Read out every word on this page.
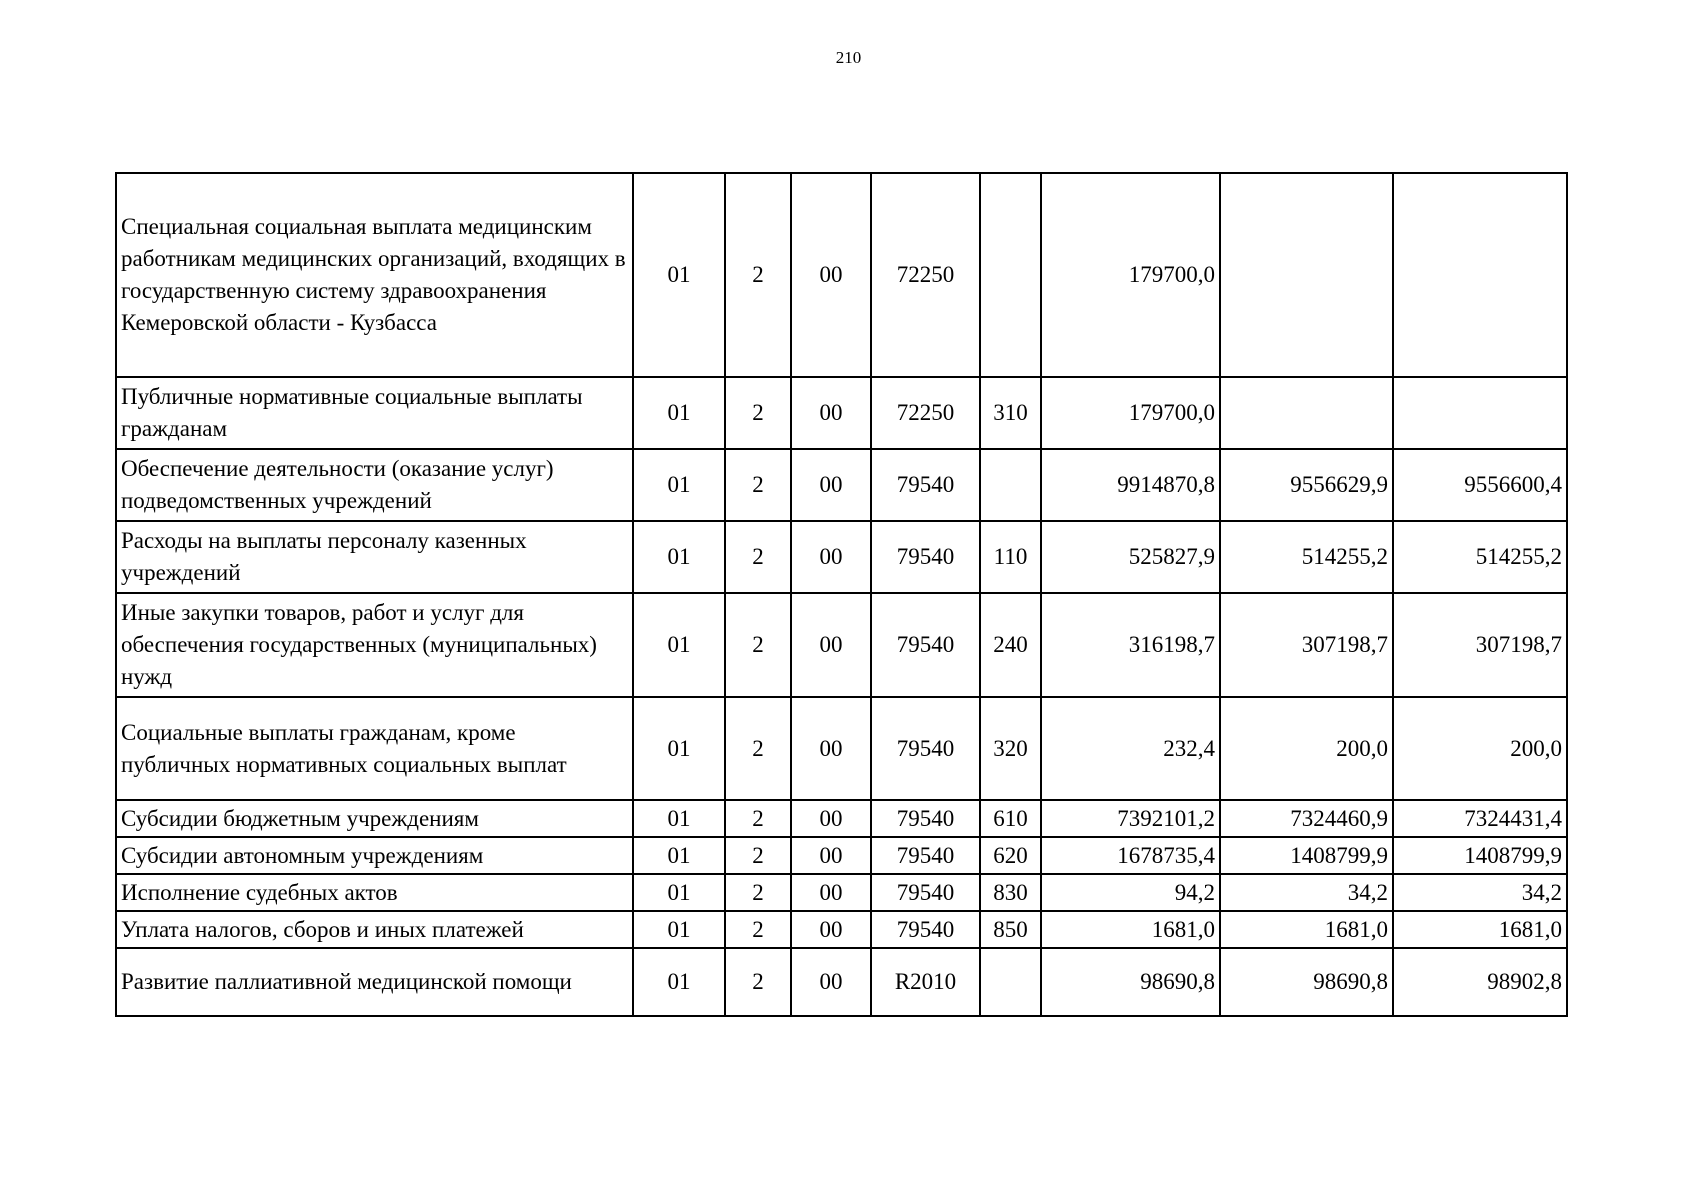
210
Специальная социальная выплата медицинским работникам медицинских организаций, входящих в государственную систему здравоохранения Кемеровской области - Кузбасса	01	2	00	72250		179700,0		
Публичные нормативные социальные выплаты гражданам	01	2	00	72250	310	179700,0		
Обеспечение деятельности (оказание услуг) подведомственных учреждений	01	2	00	79540		9914870,8	9556629,9	9556600,4
Расходы на выплаты персоналу казенных учреждений	01	2	00	79540	110	525827,9	514255,2	514255,2
Иные закупки товаров, работ и услуг для обеспечения государственных (муниципальных) нужд	01	2	00	79540	240	316198,7	307198,7	307198,7
Социальные выплаты гражданам, кроме публичных нормативных социальных выплат	01	2	00	79540	320	232,4	200,0	200,0
Субсидии бюджетным учреждениям	01	2	00	79540	610	7392101,2	7324460,9	7324431,4
Субсидии автономным учреждениям	01	2	00	79540	620	1678735,4	1408799,9	1408799,9
Исполнение судебных актов	01	2	00	79540	830	94,2	34,2	34,2
Уплата налогов, сборов и иных платежей	01	2	00	79540	850	1681,0	1681,0	1681,0
Развитие паллиативной медицинской помощи	01	2	00	R2010		98690,8	98690,8	98902,8
